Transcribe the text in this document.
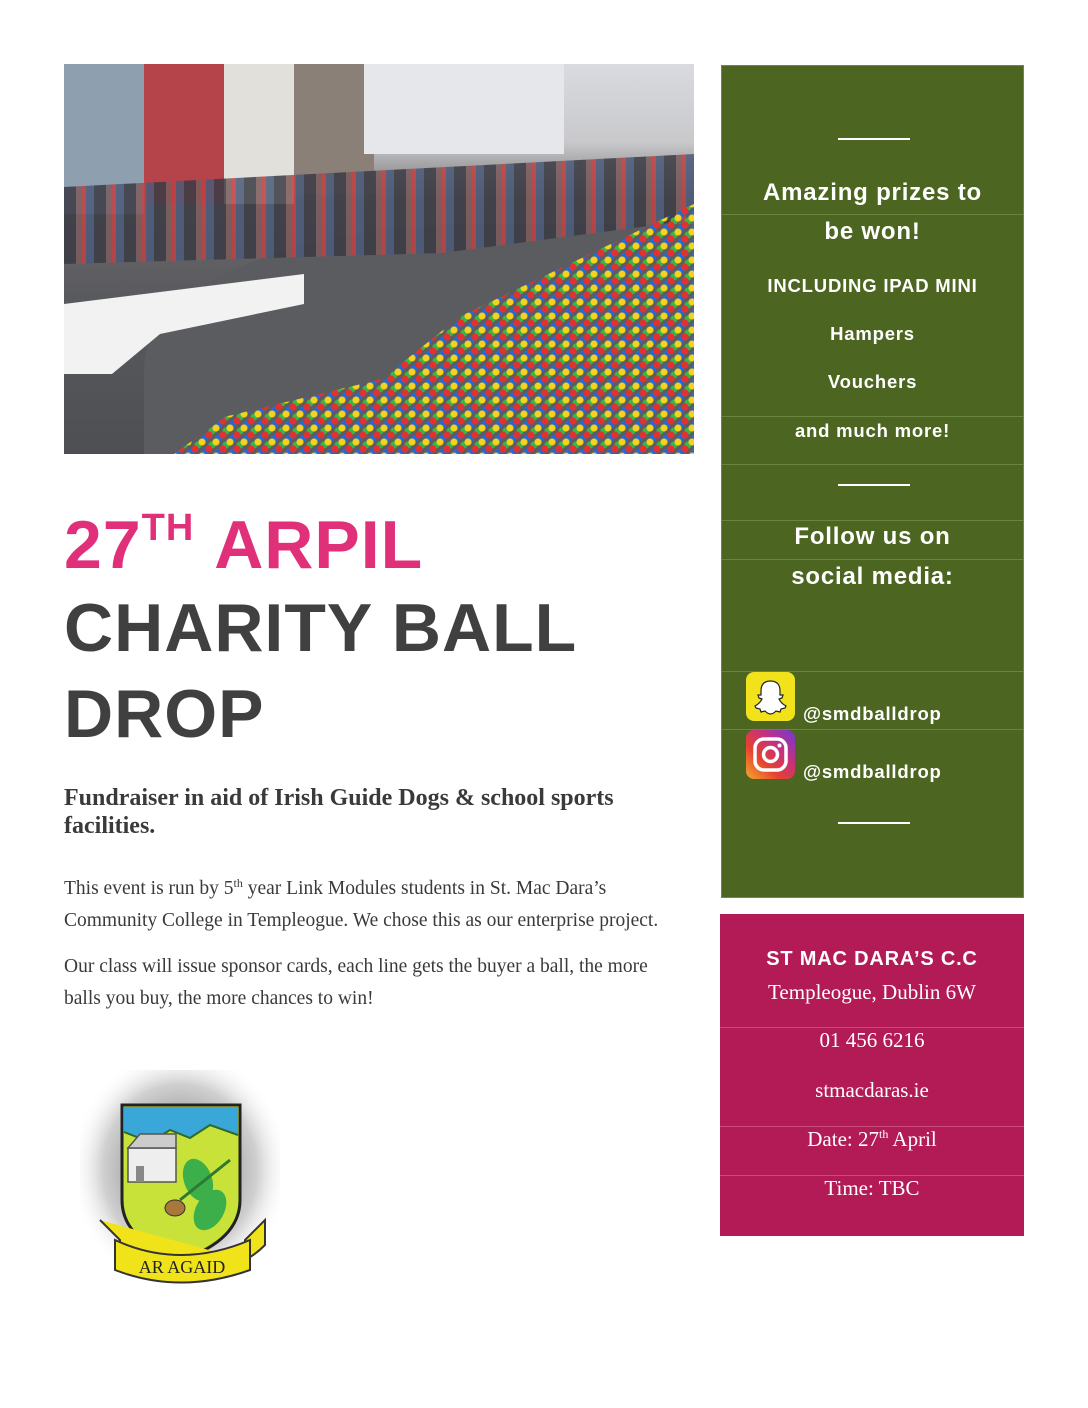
27TH ARPIL
CHARITY BALL
DROP
Fundraiser in aid of Irish Guide Dogs & school sports facilities.

This event is run by 5th year Link Modules students in St. Mac Dara’s Community College in Templeogue. We chose this as our enterprise project.

Our class will issue sponsor cards, each line gets the buyer a ball, the more balls you buy, the more chances to win!

AR AGAID
Amazing prizes to
be won!
INCLUDING IPAD MINI
Hampers
Vouchers
and much more!
Follow us on
social media:
@smdballdrop
@smdballdrop
ST MAC DARA’S C.C
Templeogue, Dublin 6W
01 456 6216
stmacdaras.ie
Date: 27th April
Time: TBC
